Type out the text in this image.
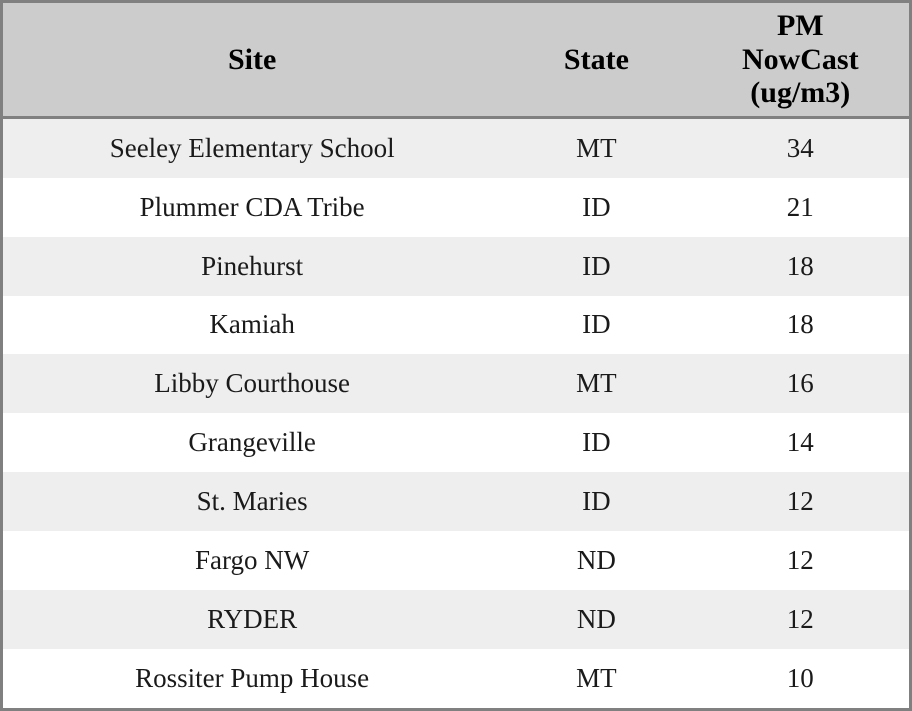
Site	State	PM
NowCast
(ug/m3)

Seeley Elementary School	MT	34
Plummer CDA Tribe	ID	21
Pinehurst	ID	18
Kamiah	ID	18
Libby Courthouse	MT	16
Grangeville	ID	14
St. Maries	ID	12
Fargo NW	ND	12
RYDER	ND	12
Rossiter Pump House	MT	10
